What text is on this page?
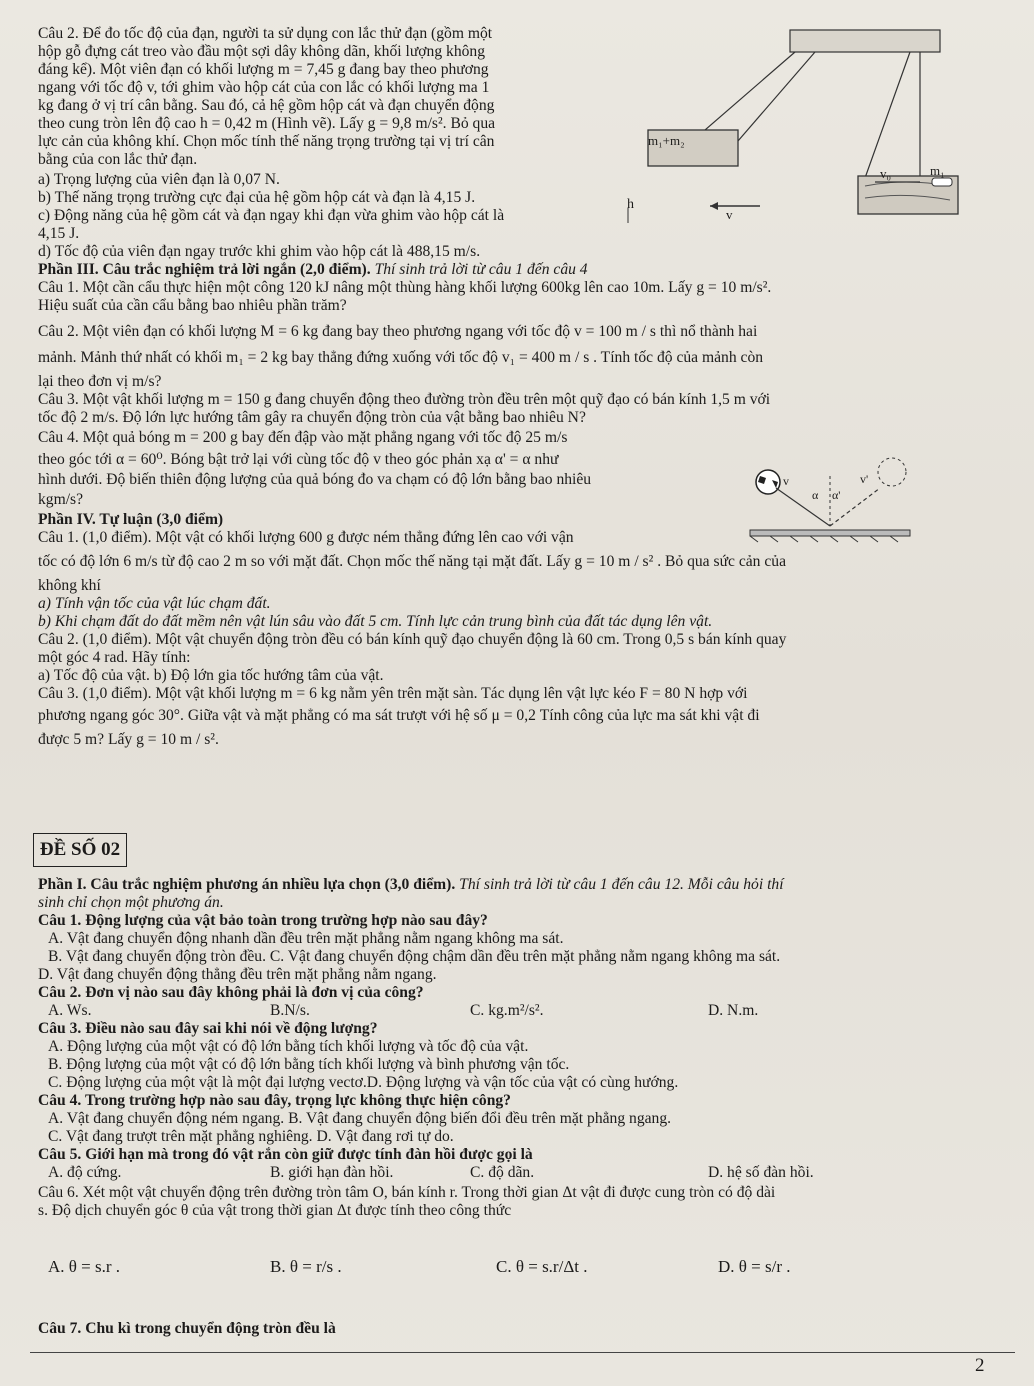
Câu 2. Để đo tốc độ của đạn, người ta sử dụng con lắc thử đạn (gồm một
hộp gỗ đựng cát treo vào đầu một sợi dây không dãn, khối lượng không
đáng kể). Một viên đạn có khối lượng m = 7,45 g đang bay theo phương
ngang với tốc độ v, tới ghim vào hộp cát của con lắc có khối lượng ma 1
kg đang ở vị trí cân bằng. Sau đó, cả hệ gồm hộp cát và đạn chuyển động
theo cung tròn lên độ cao h = 0,42 m (Hình vẽ). Lấy g = 9,8 m/s². Bỏ qua
lực cản của không khí. Chọn mốc tính thế năng trọng trường tại vị trí cân
bằng của con lắc thử đạn.
a) Trọng lượng của viên đạn là 0,07 N.
b) Thế năng trọng trường cực đại của hệ gồm hộp cát và đạn là 4,15 J.
c) Động năng của hệ gồm cát và đạn ngay khi đạn vừa ghim vào hộp cát là
4,15 J.
d) Tốc độ của viên đạn ngay trước khi ghim vào hộp cát là 488,15 m/s.
m₁+m₂
v₀	m₁
h
v
Phần III. Câu trắc nghiệm trả lời ngắn (2,0 điểm). Thí sinh trả lời từ câu 1 đến câu 4
Câu 1. Một cần cẩu thực hiện một công 120 kJ nâng một thùng hàng khối lượng 600kg lên cao 10m. Lấy g = 10 m/s².
Hiệu suất của cần cẩu bằng bao nhiêu phần trăm?
Câu 2. Một viên đạn có khối lượng M = 6 kg đang bay theo phương ngang với tốc độ v = 100 m / s thì nổ thành hai
mảnh. Mảnh thứ nhất có khối m₁ = 2 kg bay thẳng đứng xuống với tốc độ v₁ = 400 m / s . Tính tốc độ của mảnh còn
lại theo đơn vị m/s?
Câu 3. Một vật khối lượng m = 150 g đang chuyển động theo đường tròn đều trên một quỹ đạo có bán kính 1,5 m với
tốc độ 2 m/s. Độ lớn lực hướng tâm gây ra chuyển động tròn của vật bằng bao nhiêu N?
Câu 4. Một quả bóng m = 200 g bay đến đập vào mặt phẳng ngang với tốc độ 25 m/s
theo góc tới α = 60⁰. Bóng bật trở lại với cùng tốc độ v theo góc phản xạ α' = α như
hình dưới. Độ biến thiên động lượng của quả bóng đo va chạm có độ lớn bằng bao nhiêu
kgm/s?
v
α α'
v'
Phần IV. Tự luận (3,0 điểm)
Câu 1. (1,0 điểm). Một vật có khối lượng 600 g được ném thẳng đứng lên cao với vận
tốc có độ lớn 6 m/s từ độ cao 2 m so với mặt đất. Chọn mốc thế năng tại mặt đất. Lấy g = 10 m / s² . Bỏ qua sức cản của
không khí
a) Tính vận tốc của vật lúc chạm đất.
b) Khi chạm đất do đất mềm nên vật lún sâu vào đất 5 cm. Tính lực cản trung bình của đất tác dụng lên vật.
Câu 2. (1,0 điểm). Một vật chuyển động tròn đều có bán kính quỹ đạo chuyển động là 60 cm. Trong 0,5 s bán kính quay
một góc 4 rad. Hãy tính:
a) Tốc độ của vật. b) Độ lớn gia tốc hướng tâm của vật.
Câu 3. (1,0 điểm). Một vật khối lượng m = 6 kg nằm yên trên mặt sàn. Tác dụng lên vật lực kéo F = 80 N hợp với
phương ngang góc 30°. Giữa vật và mặt phẳng có ma sát trượt với hệ số μ = 0,2 Tính công của lực ma sát khi vật đi
được 5 m? Lấy g = 10 m / s².
ĐỀ SỐ 02
Phần I. Câu trắc nghiệm phương án nhiều lựa chọn (3,0 điểm). Thí sinh trả lời từ câu 1 đến câu 12. Mỗi câu hỏi thí
sinh chỉ chọn một phương án.
Câu 1. Động lượng của vật bảo toàn trong trường hợp nào sau đây?
A. Vật đang chuyển động nhanh dần đều trên mặt phẳng nằm ngang không ma sát.
B. Vật đang chuyển động tròn đều. C. Vật đang chuyển động chậm dần đều trên mặt phẳng nằm ngang không ma sát.
D. Vật đang chuyển động thẳng đều trên mặt phẳng nằm ngang.
Câu 2. Đơn vị nào sau đây không phải là đơn vị của công?
A. Ws.	B.N/s.	C. kg.m²/s².	D. N.m.
Câu 3. Điều nào sau đây sai khi nói về động lượng?
A. Động lượng của một vật có độ lớn bằng tích khối lượng và tốc độ của vật.
B. Động lượng của một vật có độ lớn bằng tích khối lượng và bình phương vận tốc.
C. Động lượng của một vật là một đại lượng vectơ.D. Động lượng và vận tốc của vật có cùng hướng.
Câu 4. Trong trường hợp nào sau đây, trọng lực không thực hiện công?
A. Vật đang chuyển động ném ngang. B. Vật đang chuyển động biến đổi đều trên mặt phẳng ngang.
C. Vật đang trượt trên mặt phẳng nghiêng. D. Vật đang rơi tự do.
Câu 5. Giới hạn mà trong đó vật rắn còn giữ được tính đàn hồi được gọi là
A. độ cứng.	B. giới hạn đàn hồi.	C. độ dãn.	D. hệ số đàn hồi.
Câu 6. Xét một vật chuyển động trên đường tròn tâm O, bán kính r. Trong thời gian Δt vật đi được cung tròn có độ dài
s. Độ dịch chuyển góc θ của vật trong thời gian Δt được tính theo công thức
A. θ = s.r .	B. θ = r/s .	C. θ = s.r/Δt .	D. θ = s/r .
Câu 7. Chu kì trong chuyển động tròn đều là
2
